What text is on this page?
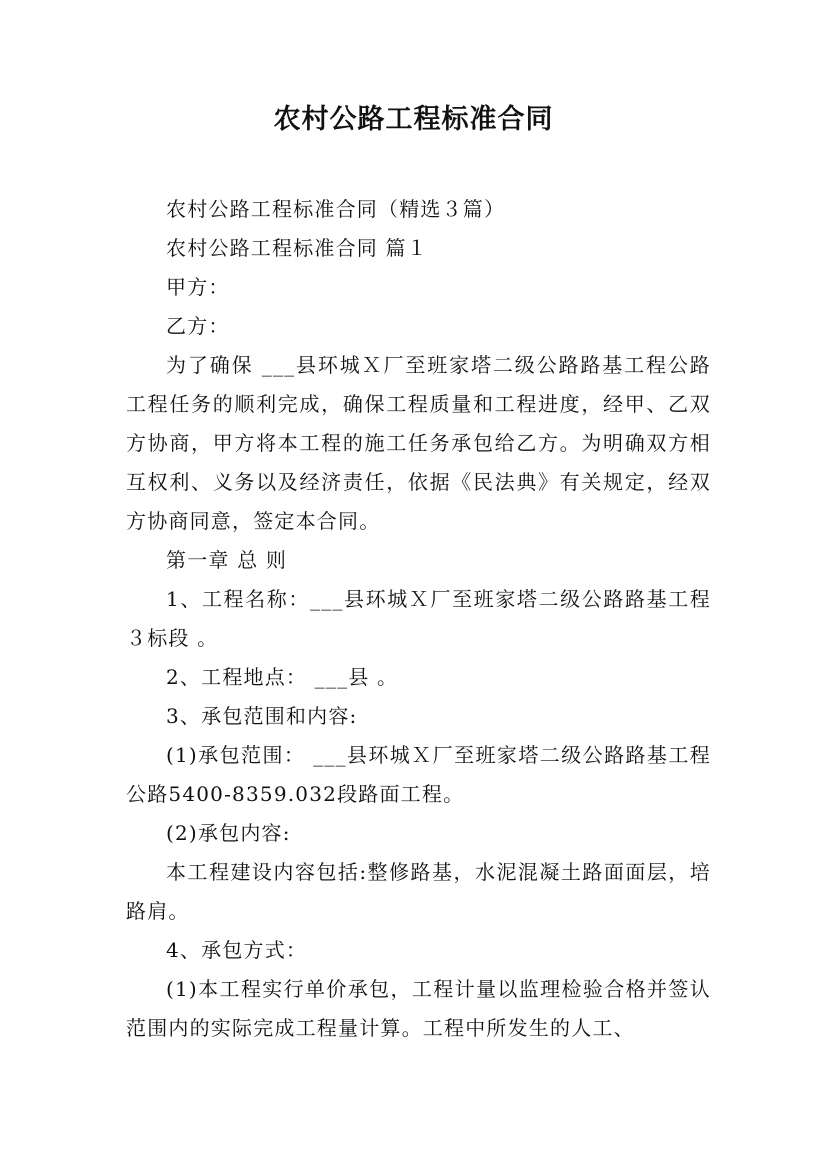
农村公路工程标准合同

农村公路工程标准合同（精选３篇）

农村公路工程标准合同 篇１

甲方：

乙方：

为了确保 ___县环城Ｘ厂至班家塔二级公路路基工程公路工程任务的顺利完成，确保工程质量和工程进度，经甲、乙双方协商，甲方将本工程的施工任务承包给乙方。为明确双方相互权利、义务以及经济责任，依据《民法典》有关规定，经双方协商同意，签定本合同。

第一章 总 则

1、工程名称：___县环城Ｘ厂至班家塔二级公路路基工程３标段 。

2、工程地点： ___县 。

3、承包范围和内容:

(1)承包范围： ___县环城Ｘ厂至班家塔二级公路路基工程公路5400-8359.032段路面工程。

(2)承包内容:

本工程建设内容包括:整修路基，水泥混凝土路面面层，培路肩。

4、承包方式：

(1)本工程实行单价承包，工程计量以监理检验合格并签认范围内的实际完成工程量计算。工程中所发生的人工、
